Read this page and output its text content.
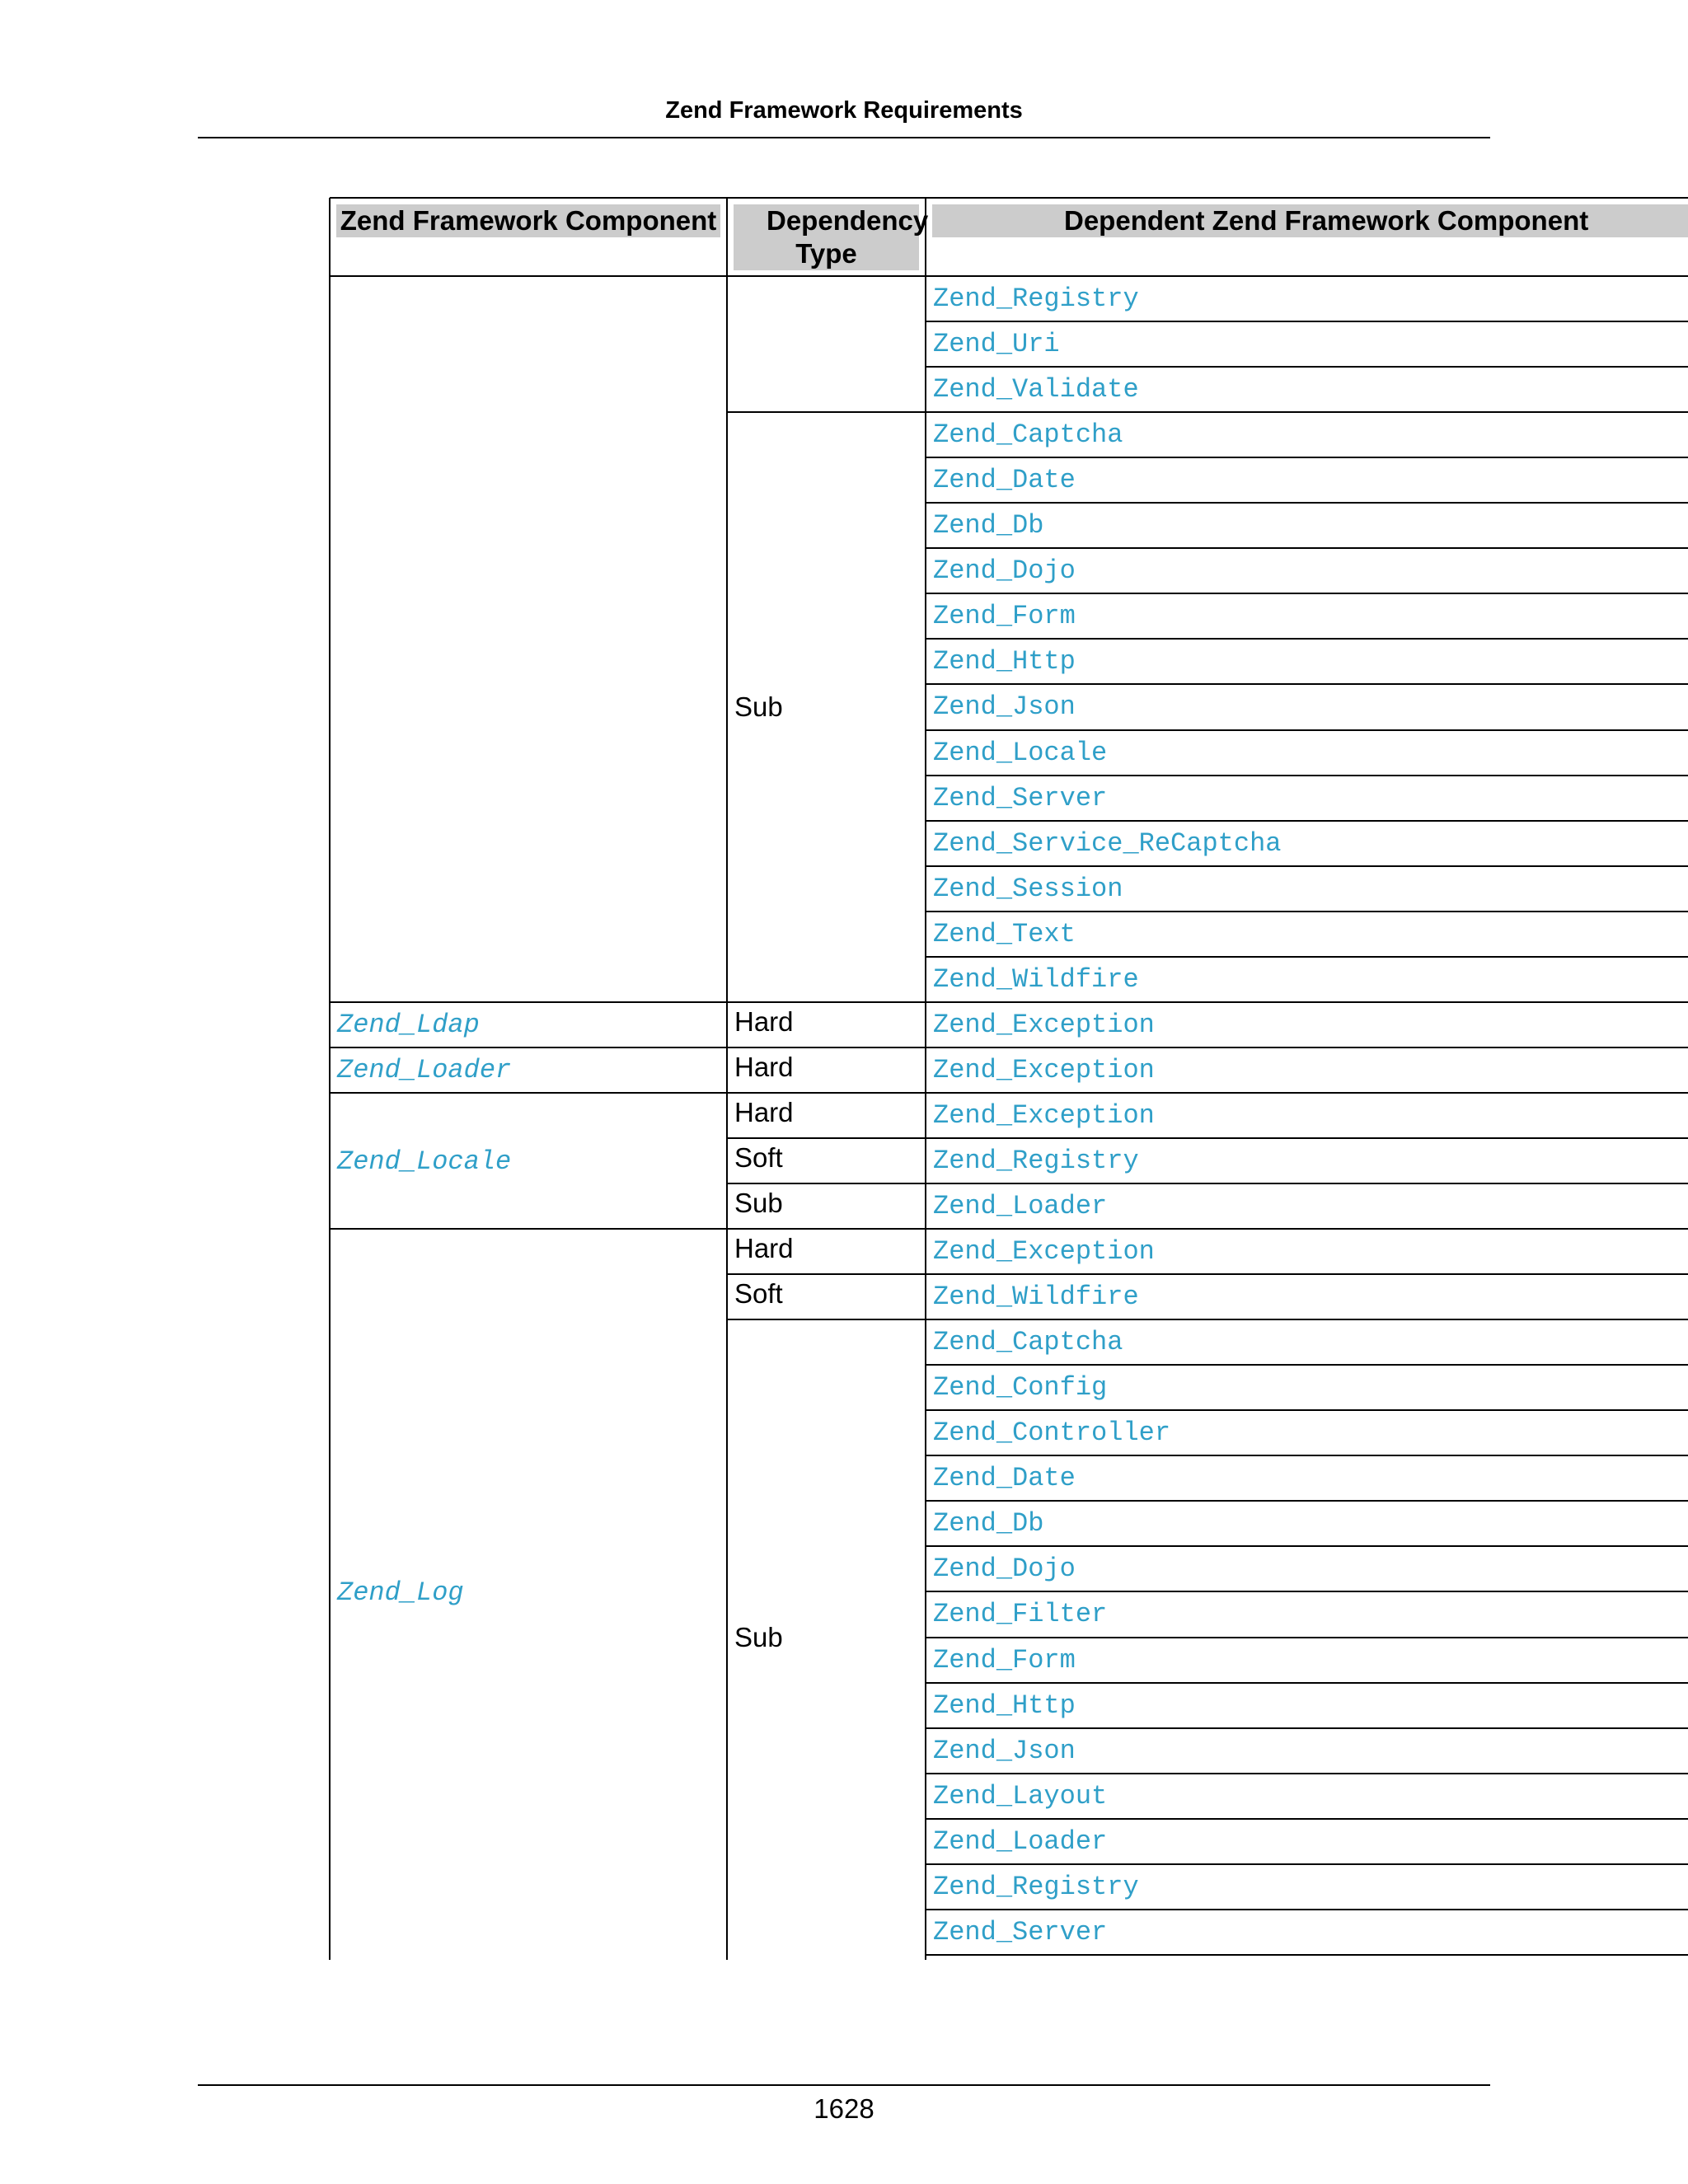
Zend Framework Requirements
Zend Framework Component	Dependency Type
Dependent Zend Framework Component
Zend_Registry
Zend_Uri
Zend_Validate
Zend_Captcha
Zend_Date
Zend_Db
Zend_Dojo
Zend_Form
Zend_Http
Zend_Json
Zend_Locale
Zend_Server
Zend_Service_ReCaptcha
Zend_Session
Zend_Text
Zend_Wildfire
Zend_Exception
Zend_Exception
Zend_Exception
Zend_Registry
Zend_Loader
Zend_Exception
Zend_Wildfire
Zend_Captcha
Zend_Config
Zend_Controller
Zend_Date
Zend_Db
Zend_Dojo
Zend_Filter
Zend_Form
Zend_Http
Zend_Json
Zend_Layout
Zend_Loader
Zend_Registry
Zend_Server
Sub
Hard
Hard
Hard
Soft
Sub
Hard
Soft
Sub
Zend_Ldap
Zend_Loader
Zend_Locale
Zend_Log
1628
